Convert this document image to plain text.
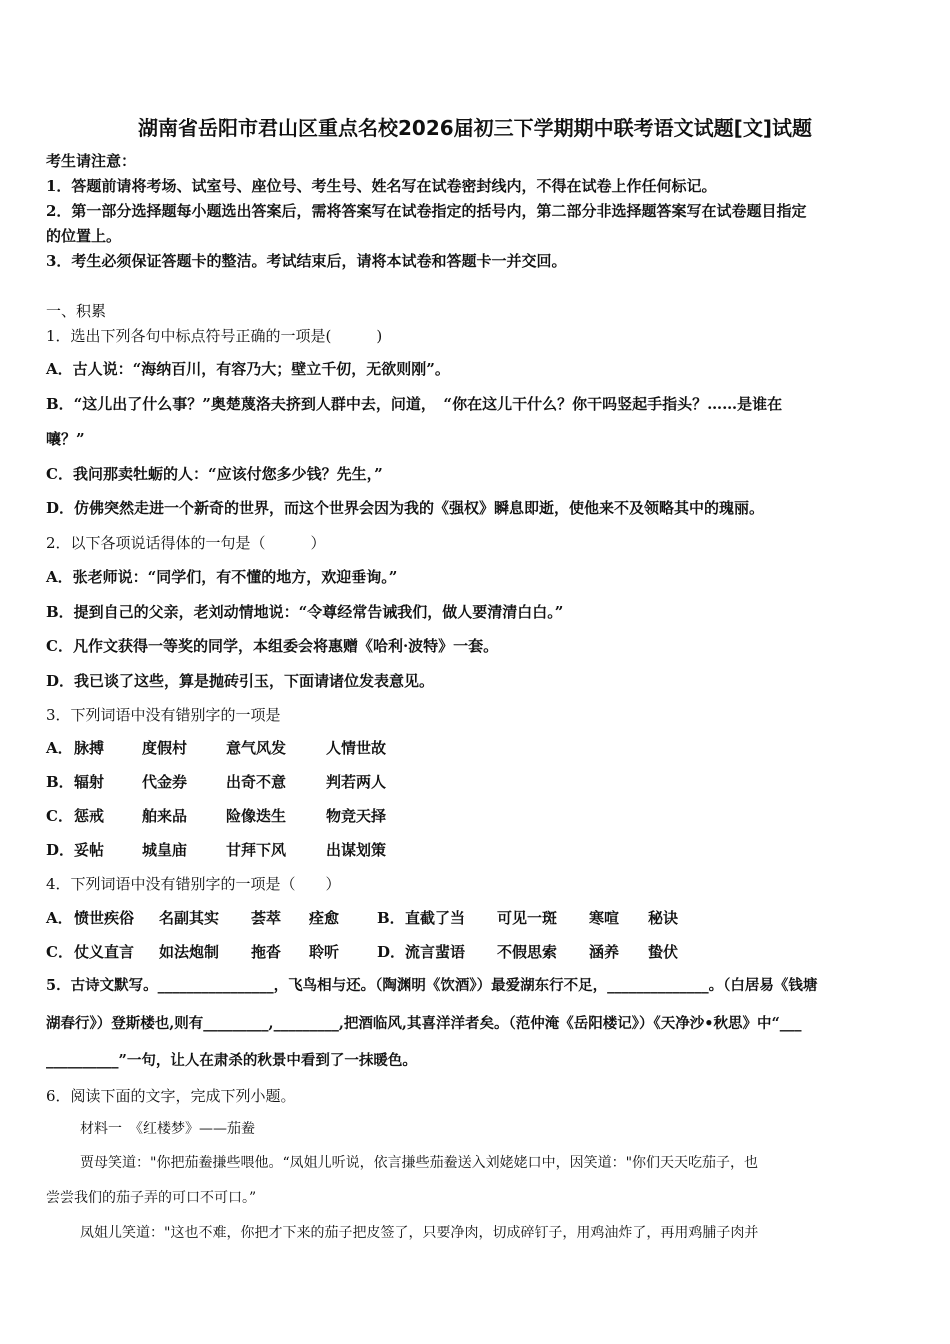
湖南省岳阳市君山区重点名校2026届初三下学期期中联考语文试题[文]试题
考生请注意：
1．答题前请将考场、试室号、座位号、考生号、姓名写在试卷密封线内，不得在试卷上作任何标记。
2．第一部分选择题每小题选出答案后，需将答案写在试卷指定的括号内，第二部分非选择题答案写在试卷题目指定
的位置上。
3．考生必须保证答题卡的整洁。考试结束后，请将本试卷和答题卡一并交回。
一、积累
1．选出下列各句中标点符号正确的一项是(　　　)
A．古人说：“海纳百川，有容乃大；壁立千仞，无欲则刚”。
B．“这儿出了什么事？”奥楚蔑洛夫挤到人群中去，问道，　“你在这儿干什么？你干吗竖起手指头？……是谁在
嚷？”
C．我问那卖牡蛎的人：“应该付您多少钱？先生，”
D．仿佛突然走进一个新奇的世界，而这个世界会因为我的《强权》瞬息即逝，使他来不及领略其中的瑰丽。
2．以下各项说话得体的一句是（　　　）
A．张老师说：“同学们，有不懂的地方，欢迎垂询。”
B．提到自己的父亲，老刘动情地说：“令尊经常告诫我们，做人要清清白白。”
C．凡作文获得一等奖的同学，本组委会将惠赠《哈利·波特》一套。
D．我已谈了这些，算是抛砖引玉，下面请诸位发表意见。
3．下列词语中没有错别字的一项是
A． 脉搏	度假村	意气风发	人情世故
B． 辐射	代金券	出奇不意	判若两人
C． 惩戒	舶来品	险像迭生	物竞天择
D． 妥帖	城皇庙	甘拜下风	出谋划策
4．下列词语中没有错别字的一项是（　　）
A． 愤世疾俗 名副其实 荟萃 痊愈	B． 直截了当 可见一斑 寒喧 秘诀
C． 仗义直言 如法炮制 拖沓 聆听	D． 流言蜚语 不假思索 涵养 蛰伏
5．古诗文默写。________________，飞鸟相与还。（陶渊明《饮酒》）最爱湖东行不足，______________。（白居易《钱塘
湖春行》）登斯楼也,则有_________,_________,把酒临风,其喜洋洋者矣。（范仲淹《岳阳楼记》）《天净沙•秋思》中“___
__________”一句，让人在肃杀的秋景中看到了一抹暖色。
6．阅读下面的文字，完成下列小题。
材料一　《红楼梦》——茄鲞
贾母笑道："你把茄鲞搛些喂他。“凤姐儿听说，依言搛些茄鲞送入刘姥姥口中，因笑道："你们天天吃茄子，也
尝尝我们的茄子弄的可口不可口。”
凤姐儿笑道："这也不难，你把才下来的茄子把皮签了，只要净肉，切成碎钉子，用鸡油炸了，再用鸡脯子肉并
